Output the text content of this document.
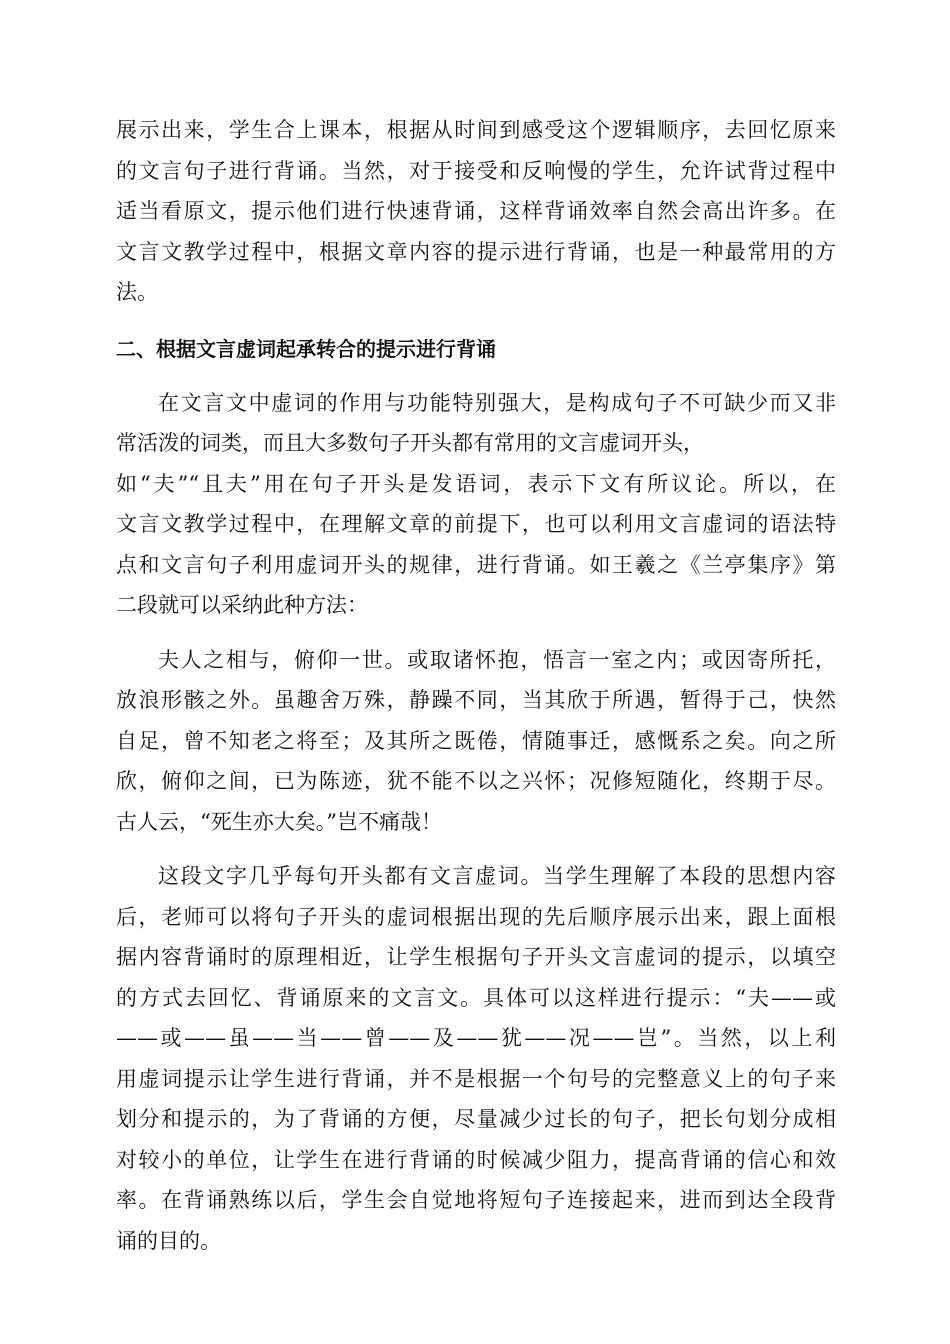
展示出来，学生合上课本，根据从时间到感受这个逻辑顺序，去回忆原来
的文言句子进行背诵。当然，对于接受和反响慢的学生，允许试背过程中
适当看原文，提示他们进行快速背诵，这样背诵效率自然会高出许多。在
文言文教学过程中，根据文章内容的提示进行背诵，也是一种最常用的方
法。

二、根据文言虚词起承转合的提示进行背诵

在文言文中虚词的作用与功能特别强大，是构成句子不可缺少而又非
常活泼的词类，而且大多数句子开头都有常用的文言虚词开头，
如“夫”“且夫”用在句子开头是发语词，表示下文有所议论。所以，在
文言文教学过程中，在理解文章的前提下，也可以利用文言虚词的语法特
点和文言句子利用虚词开头的规律，进行背诵。如王羲之《兰亭集序》第
二段就可以采纳此种方法：

夫人之相与，俯仰一世。或取诸怀抱，悟言一室之内；或因寄所托，
放浪形骸之外。虽趣舍万殊，静躁不同，当其欣于所遇，暂得于己，快然
自足，曾不知老之将至；及其所之既倦，情随事迁，感慨系之矣。向之所
欣，俯仰之间，已为陈迹，犹不能不以之兴怀；况修短随化，终期于尽。
古人云，“死生亦大矣。”岂不痛哉！

这段文字几乎每句开头都有文言虚词。当学生理解了本段的思想内容
后，老师可以将句子开头的虚词根据出现的先后顺序展示出来，跟上面根
据内容背诵时的原理相近，让学生根据句子开头文言虚词的提示，以填空
的方式去回忆、背诵原来的文言文。具体可以这样进行提示：“夫——或
——或——虽——当——曾——及——犹——况——岂”。当然，以上利
用虚词提示让学生进行背诵，并不是根据一个句号的完整意义上的句子来
划分和提示的，为了背诵的方便，尽量减少过长的句子，把长句划分成相
对较小的单位，让学生在进行背诵的时候减少阻力，提高背诵的信心和效
率。在背诵熟练以后，学生会自觉地将短句子连接起来，进而到达全段背
诵的目的。
